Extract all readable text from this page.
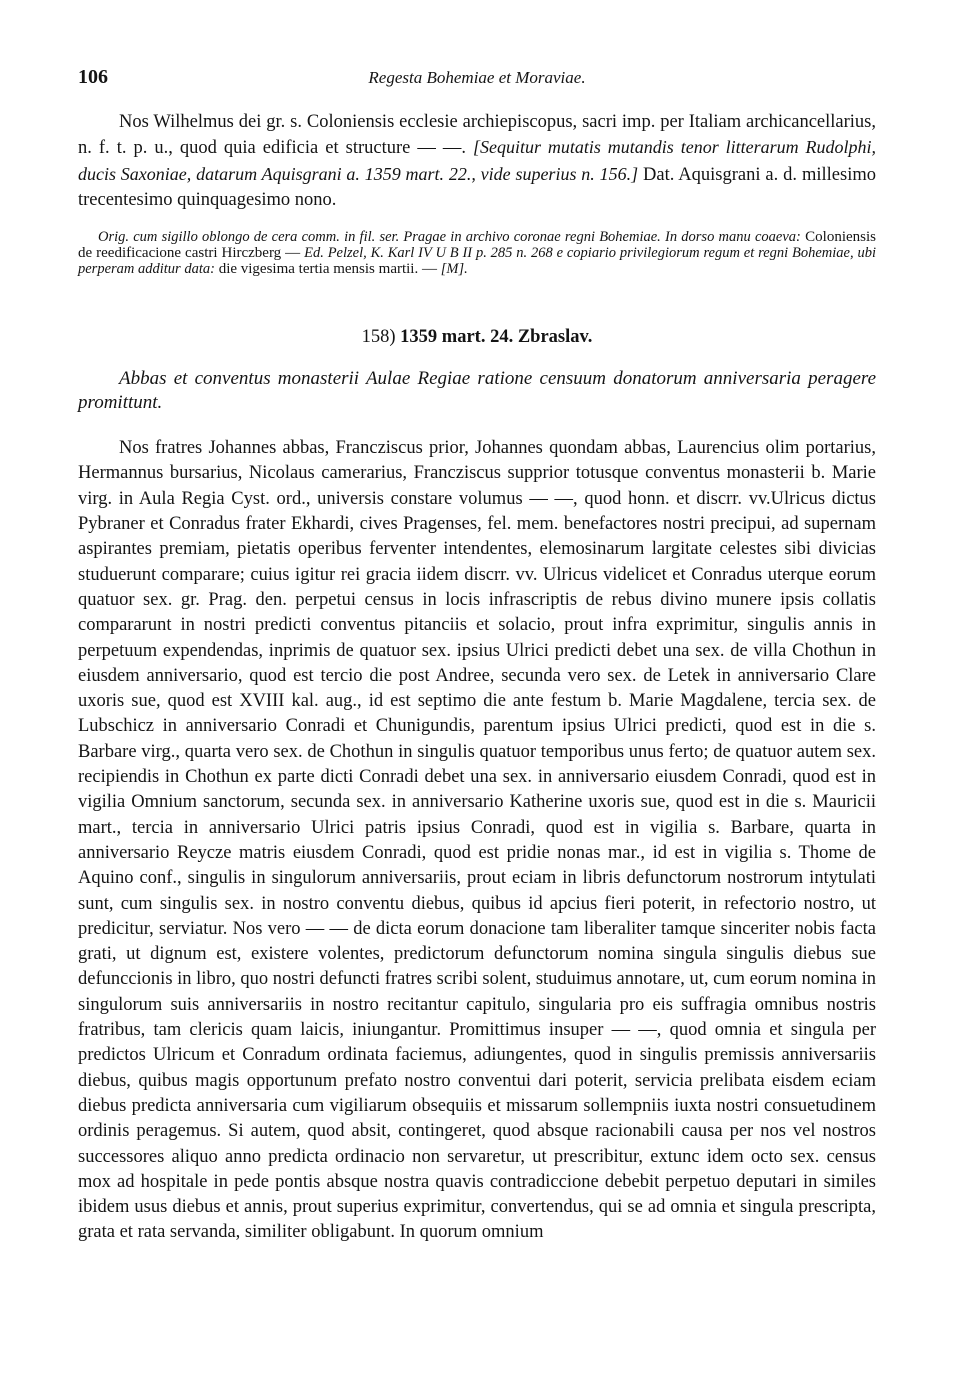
106	Regesta Bohemiae et Moraviae.

Nos Wilhelmus dei gr. s. Coloniensis ecclesie archiepiscopus, sacri imp. per Italiam archicancellarius, n. f. t. p. u., quod quia edificia et structure — —. [Sequitur mutatis mutandis tenor litterarum Rudolphi, ducis Saxoniae, datarum Aquisgrani a. 1359 mart. 22., vide superius n. 156.] Dat. Aquisgrani a. d. millesimo trecentesimo quinquagesimo nono.

Orig. cum sigillo oblongo de cera comm. in fil. ser. Pragae in archivo coronae regni Bohemiae. In dorso manu coaeva: Coloniensis de reedificacione castri Hirczberg — Ed. Pelzel, K. Karl IV U B II p. 285 n. 268 e copiario privilegiorum regum et regni Bohemiae, ubi perperam additur data: die vigesima tertia mensis martii. — [M].

158) 1359 mart. 24. Zbraslav.

Abbas et conventus monasterii Aulae Regiae ratione censuum donatorum anniversaria peragere promittunt.

Nos fratres Johannes abbas, Francziscus prior, Johannes quondam abbas, Laurencius olim portarius, Hermannus bursarius, Nicolaus camerarius, Francziscus supprior totusque conventus monasterii b. Marie virg. in Aula Regia Cyst. ord., universis constare volumus — —, quod honn. et discrr. vv.Ulricus dictus Pybraner et Conradus frater Ekhardi, cives Pragenses, fel. mem. benefactores nostri precipui, ad supernam aspirantes premiam, pietatis operibus ferventer intendentes, elemosinarum largitate celestes sibi divicias studuerunt comparare; cuius igitur rei gracia iidem discrr. vv. Ulricus videlicet et Conradus uterque eorum quatuor sex. gr. Prag. den. perpetui census in locis infrascriptis de rebus divino munere ipsis collatis compararunt in nostri predicti conventus pitanciis et solacio, prout infra exprimitur, singulis annis in perpetuum expendendas, inprimis de quatuor sex. ipsius Ulrici predicti debet una sex. de villa Chothun in eiusdem anniversario, quod est tercio die post Andree, secunda vero sex. de Letek in anniversario Clare uxoris sue, quod est XVIII kal. aug., id est septimo die ante festum b. Marie Magdalene, tercia sex. de Lubschicz in anniversario Conradi et Chunigundis, parentum ipsius Ulrici predicti, quod est in die s. Barbare virg., quarta vero sex. de Chothun in singulis quatuor temporibus unus ferto; de quatuor autem sex. recipiendis in Chothun ex parte dicti Conradi debet una sex. in anniversario eiusdem Conradi, quod est in vigilia Omnium sanctorum, secunda sex. in anniversario Katherine uxoris sue, quod est in die s. Mauricii mart., tercia in anniversario Ulrici patris ipsius Conradi, quod est in vigilia s. Barbare, quarta in anniversario Reycze matris eiusdem Conradi, quod est pridie nonas mar., id est in vigilia s. Thome de Aquino conf., singulis in singulorum anniversariis, prout eciam in libris defunctorum nostrorum intytulati sunt, cum singulis sex. in nostro conventu diebus, quibus id apcius fieri poterit, in refectorio nostro, ut predicitur, serviatur. Nos vero — — de dicta eorum donacione tam liberaliter tamque sinceriter nobis facta grati, ut dignum est, existere volentes, predictorum defunctorum nomina singula singulis diebus sue defunccionis in libro, quo nostri defuncti fratres scribi solent, studuimus annotare, ut, cum eorum nomina in singulorum suis anniversariis in nostro recitantur capitulo, singularia pro eis suffragia omnibus nostris fratribus, tam clericis quam laicis, iniungantur. Promittimus insuper — —, quod omnia et singula per predictos Ulricum et Conradum ordinata faciemus, adiungentes, quod in singulis premissis anniversariis diebus, quibus magis opportunum prefato nostro conventui dari poterit, servicia prelibata eisdem eciam diebus predicta anniversaria cum vigiliarum obsequiis et missarum sollempniis iuxta nostri consuetudinem ordinis peragemus. Si autem, quod absit, contingeret, quod absque racionabili causa per nos vel nostros successores aliquo anno predicta ordinacio non servaretur, ut prescribitur, extunc idem octo sex. census mox ad hospitale in pede pontis absque nostra quavis contradiccione debebit perpetuo deputari in similes ibidem usus diebus et annis, prout superius exprimitur, convertendus, qui se ad omnia et singula prescripta, grata et rata servanda, similiter obligabunt. In quorum omnium
